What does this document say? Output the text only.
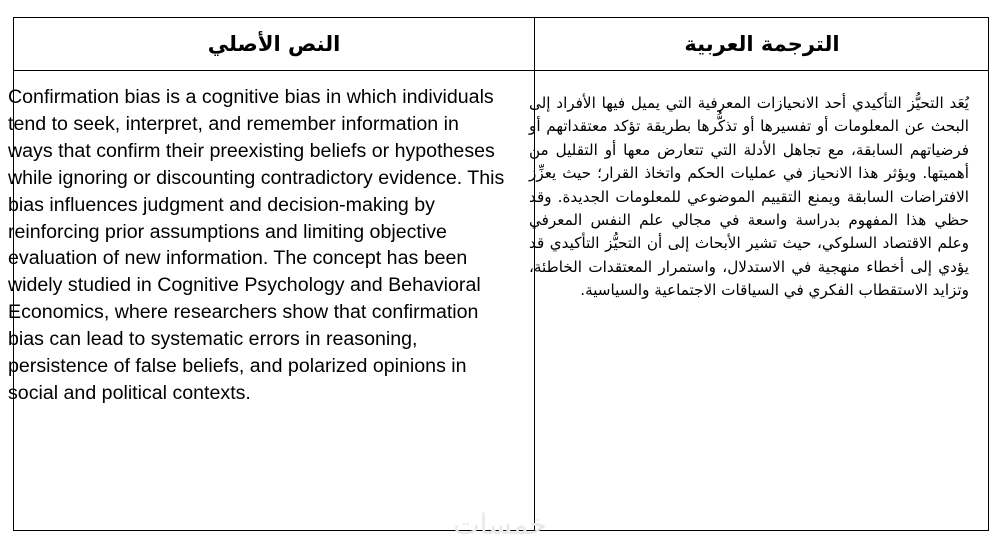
النص الأصلي	الترجمة العربية
Confirmation bias is a cognitive bias in which individuals tend to seek, interpret, and remember information in ways that confirm their preexisting beliefs or hypotheses while ignoring or discounting contradictory evidence. This bias influences judgment and decision-making by reinforcing prior assumptions and limiting objective evaluation of new information. The concept has been widely studied in Cognitive Psychology and Behavioral Economics, where researchers show that confirmation bias can lead to systematic errors in reasoning, persistence of false beliefs, and polarized opinions in social and political contexts.
يُعَد التحيُّز التأكيدي أحد الانحيازات المعرفية التي يميل فيها الأفراد إلى البحث عن المعلومات أو تفسيرها أو تذكُّرها بطريقة تؤكد معتقداتهم أو فرضياتهم السابقة، مع تجاهل الأدلة التي تتعارض معها أو التقليل من أهميتها. ويؤثر هذا الانحياز في عمليات الحكم واتخاذ القرار؛ حيث يعزِّز الافتراضات السابقة ويمنع التقييم الموضوعي للمعلومات الجديدة. وقد حظي هذا المفهوم بدراسة واسعة في مجالي علم النفس المعرفي وعلم الاقتصاد السلوكي، حيث تشير الأبحاث إلى أن التحيُّز التأكيدي قد يؤدي إلى أخطاء منهجية في الاستدلال، واستمرار المعتقدات الخاطئة، وتزايد الاستقطاب الفكري في السياقات الاجتماعية والسياسية.
خمسات
